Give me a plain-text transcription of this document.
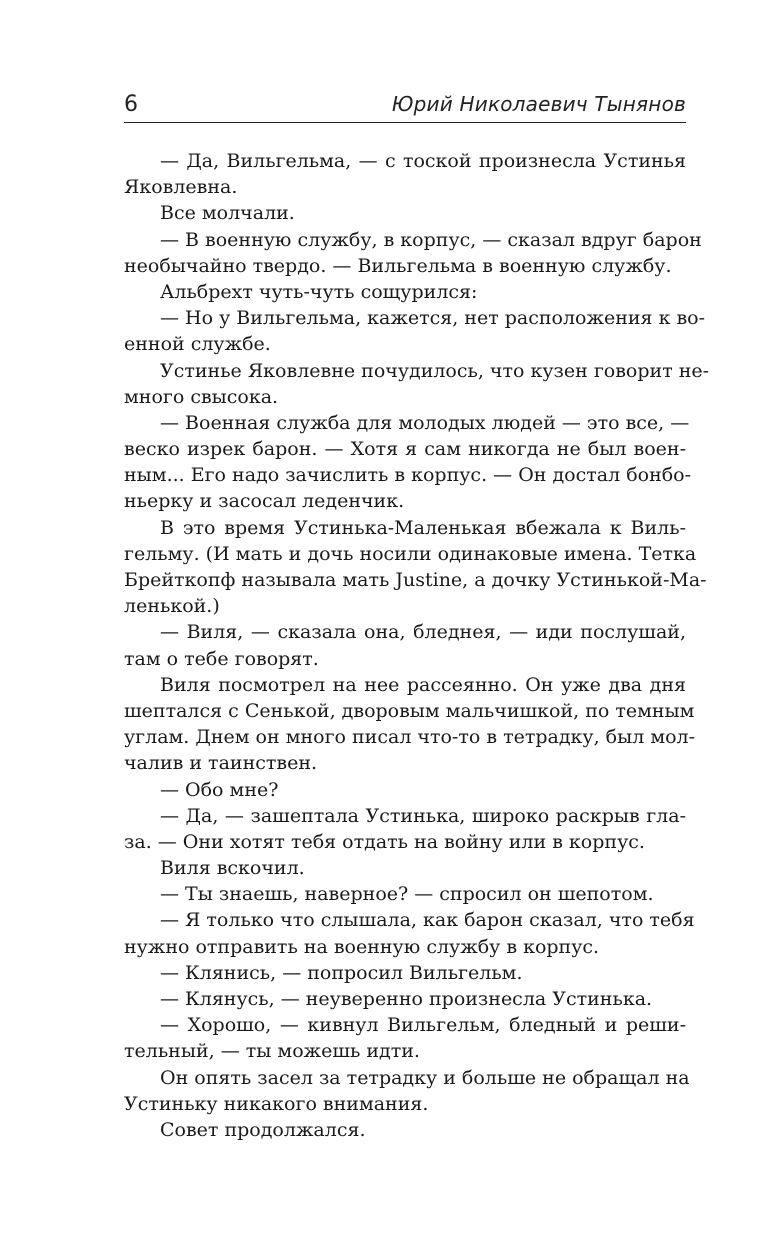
6	Юрий Николаевич Тынянов
— Да, Вильгельма, — с тоской произнесла Устинья
Яковлевна.
Все молчали.
— В военную службу, в корпус, — сказал вдруг барон
необычайно твердо. — Вильгельма в военную службу.
Альбрехт чуть-чуть сощурился:
— Но у Вильгельма, кажется, нет расположения к во-
енной службе.
Устинье Яковлевне почудилось, что кузен говорит не-
много свысока.
— Военная служба для молодых людей — это все, —
веско изрек барон. — Хотя я сам никогда не был воен-
ным... Его надо зачислить в корпус. — Он достал бонбо-
ньерку и засосал леденчик.
В это время Устинька-Маленькая вбежала к Виль-
гельму. (И мать и дочь носили одинаковые имена. Тетка
Брейткопф называла мать Justine, а дочку Устинькой-Ма-
ленькой.)
— Виля, — сказала она, бледнея, — иди послушай,
там о тебе говорят.
Виля посмотрел на нее рассеянно. Он уже два дня
шептался с Сенькой, дворовым мальчишкой, по темным
углам. Днем он много писал что-то в тетрадку, был мол-
чалив и таинствен.
— Обо мне?
— Да, — зашептала Устинька, широко раскрыв гла-
за. — Они хотят тебя отдать на войну или в корпус.
Виля вскочил.
— Ты знаешь, наверное? — спросил он шепотом.
— Я только что слышала, как барон сказал, что тебя
нужно отправить на военную службу в корпус.
— Клянись, — попросил Вильгельм.
— Клянусь, — неуверенно произнесла Устинька.
— Хорошо, — кивнул Вильгельм, бледный и реши-
тельный, — ты можешь идти.
Он опять засел за тетрадку и больше не обращал на
Устиньку никакого внимания.
Совет продолжался.
